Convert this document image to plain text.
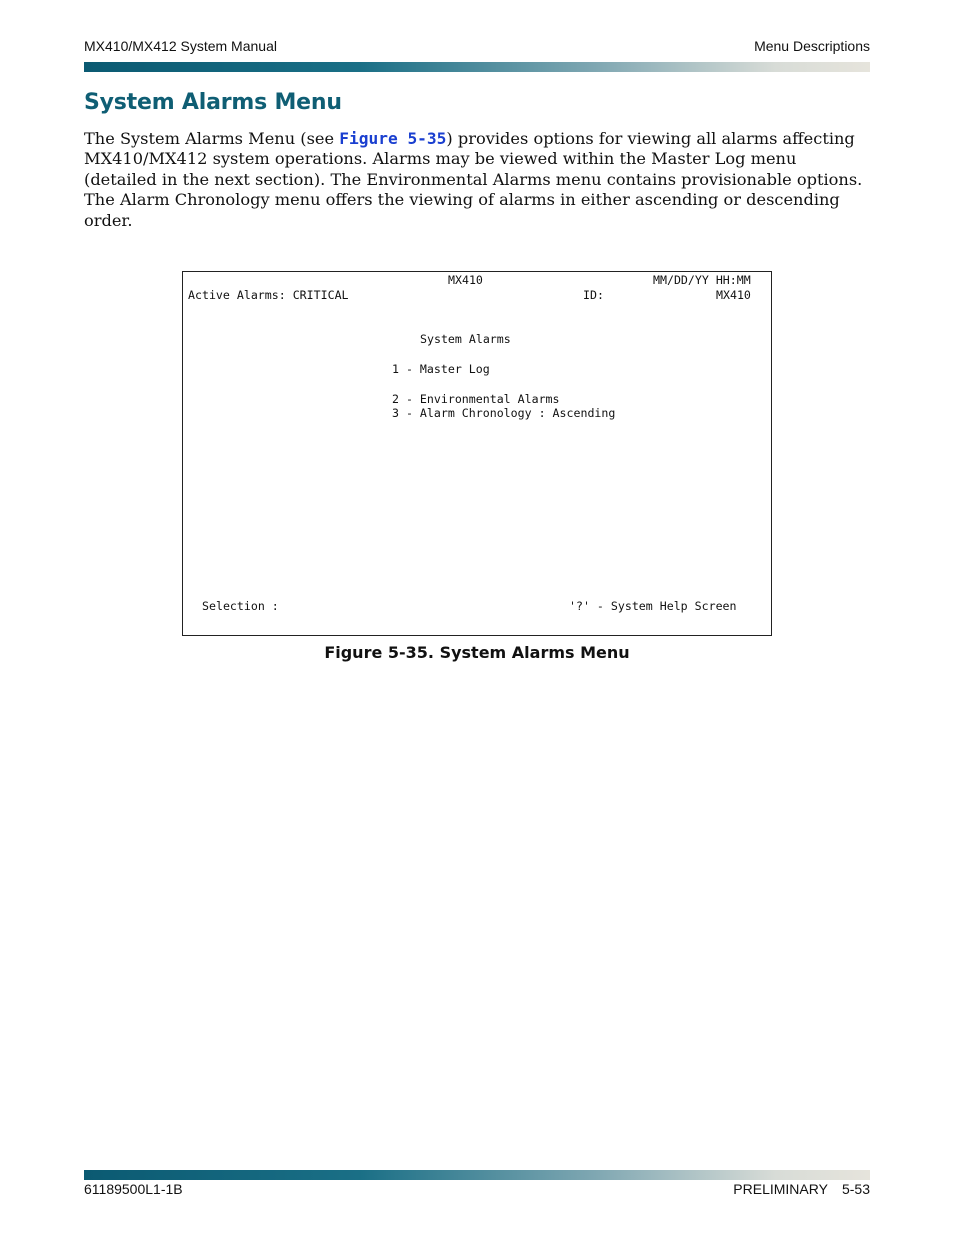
MX410/MX412 System Manual	Menu Descriptions
System Alarms Menu

The System Alarms Menu (see Figure 5-35) provides options for viewing all alarms affecting MX410/MX412 system operations. Alarms may be viewed within the Master Log menu (detailed in the next section). The Environmental Alarms menu contains provisionable options. The Alarm Chronology menu offers the viewing of alarms in either ascending or descending order.

MX410	MM/DD/YY HH:MM
Active Alarms: CRITICAL	ID:	MX410
System Alarms
1 - Master Log
2 - Environmental Alarms
3 - Alarm Chronology : Ascending
Selection :	'?' - System Help Screen
Figure 5-35. System Alarms Menu
61189500L1-1B	PRELIMINARY 5-53
